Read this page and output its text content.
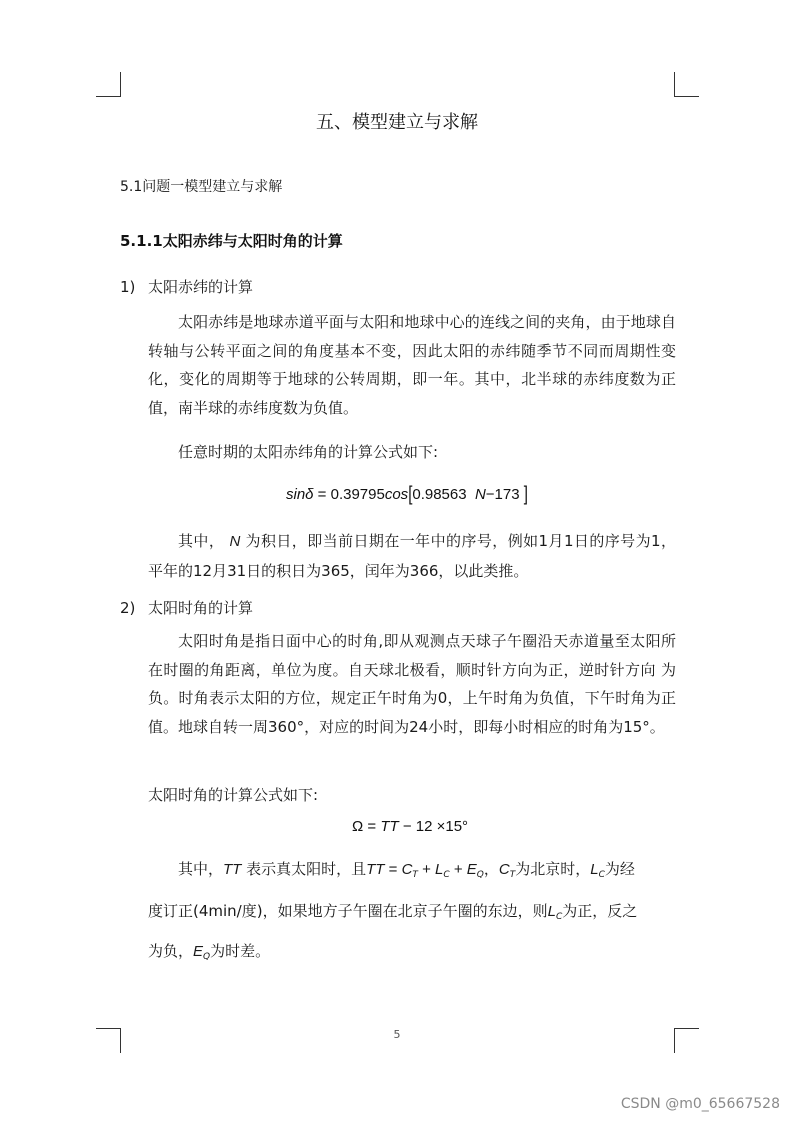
五、模型建立与求解
5.1问题一模型建立与求解
5.1.1太阳赤纬与太阳时角的计算
1) 太阳赤纬的计算
太阳赤纬是地球赤道平面与太阳和地球中心的连线之间的夹角，由于地球自转轴与公转平面之间的角度基本不变，因此太阳的赤纬随季节不同而周期性变化，变化的周期等于地球的公转周期，即一年。其中，北半球的赤纬度数为正值，南半球的赤纬度数为负值。
任意时期的太阳赤纬角的计算公式如下:
sinδ = 0.39795cos[0.98563 N−173 ]
其中， N 为积日，即当前日期在一年中的序号，例如1月1日的序号为1，平年的12月31日的积日为365，闰年为366，以此类推。
2) 太阳时角的计算
太阳时角是指日面中心的时角,即从观测点天球子午圈沿天赤道量至太阳所在时圈的角距离，单位为度。自天球北极看，顺时针方向为正，逆时针方向 为负。时角表示太阳的方位，规定正午时角为0，上午时角为负值，下午时角为正值。地球自转一周360°，对应的时间为24小时，即每小时相应的时角为15°。
太阳时角的计算公式如下:
Ω = TT − 12 ×15°
其中，TT 表示真太阳时，且TT = $C_T + L_C + E_Q$，$C_T$为北京时，$L_C$为经
度订正(4min/度)，如果地方子午圈在北京子午圈的东边，则$L_C$为正，反之
为负，$E_Q$为时差。
5
CSDN @m0_65667528
